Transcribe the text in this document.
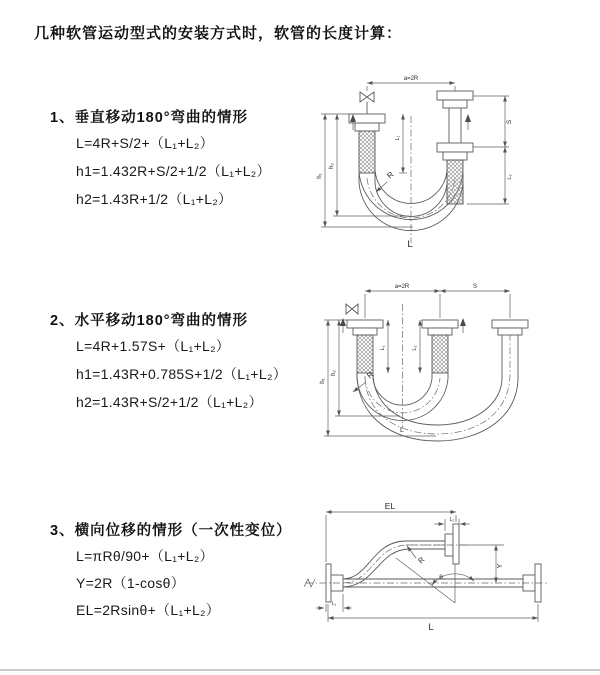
几种软管运动型式的安装方式时，软管的长度计算：
1、垂直移动180°弯曲的情形
L=4R+S/2+（L₁+L₂）
h1=1.432R+S/2+1/2（L₁+L₂）
h2=1.43R+1/2（L₁+L₂）
2、水平移动180°弯曲的情形
L=4R+1.57S+（L₁+L₂）
h1=1.43R+0.785S+1/2（L₁+L₂）
h2=1.43R+S/2+1/2（L₁+L₂）
3、横向位移的情形（一次性变位）
L=πRθ/90+（L₁+L₂）
Y=2R（1-cosθ）
EL=2Rsinθ+（L₁+L₂）
a=2R
S
L₂
L₁
h₂
h₁	R
L
a=2R	S
L₁	L₂
h₂
h₁
R
L
EL
L₂
Y
L
L₁
R
θ
